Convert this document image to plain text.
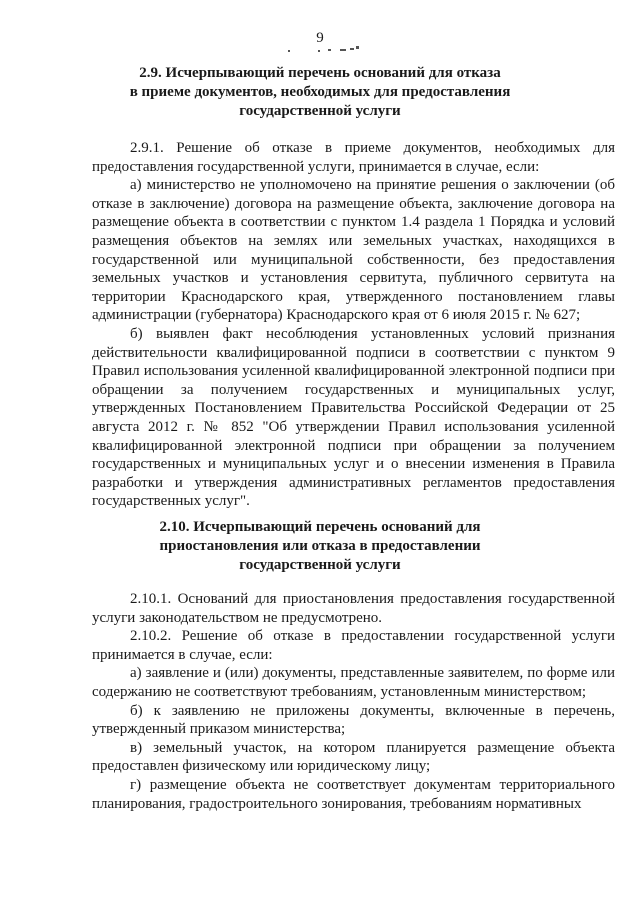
9
2.9. Исчерпывающий перечень оснований для отказа
в приеме документов, необходимых для предоставления
государственной услуги

2.9.1. Решение об отказе в приеме документов, необходимых для предоставления государственной услуги, принимается в случае, если:

а) министерство не уполномочено на принятие решения о заключении (об отказе в заключение) договора на размещение объекта, заключение договора на размещение объекта в соответствии с пунктом 1.4 раздела 1 Порядка и условий размещения объектов на землях или земельных участках, находящихся в государственной или муниципальной собственности, без предоставления земельных участков и установления сервитута, публичного сервитута на территории Краснодарского края, утвержденного постановлением главы администрации (губернатора) Краснодарского края от 6 июля 2015 г. № 627;

б) выявлен факт несоблюдения установленных условий признания действительности квалифицированной подписи в соответствии с пунктом 9 Правил использования усиленной квалифицированной электронной подписи при обращении за получением государственных и муниципальных услуг, утвержденных Постановлением Правительства Российской Федерации от 25 августа 2012 г. № 852 "Об утверждении Правил использования усиленной квалифицированной электронной подписи при обращении за получением государственных и муниципальных услуг и о внесении изменения в Правила разработки и утверждения административных регламентов предоставления государственных услуг".

2.10. Исчерпывающий перечень оснований для
приостановления или отказа в предоставлении
государственной услуги

2.10.1. Оснований для приостановления предоставления государственной услуги законодательством не предусмотрено.

2.10.2. Решение об отказе в предоставлении государственной услуги принимается в случае, если:

а) заявление и (или) документы, представленные заявителем, по форме или содержанию не соответствуют требованиям, установленным министерством;

б) к заявлению не приложены документы, включенные в перечень, утвержденный приказом министерства;

в) земельный участок, на котором планируется размещение объекта предоставлен физическому или юридическому лицу;

г) размещение объекта не соответствует документам территориального планирования, градостроительного зонирования, требованиям нормативных
